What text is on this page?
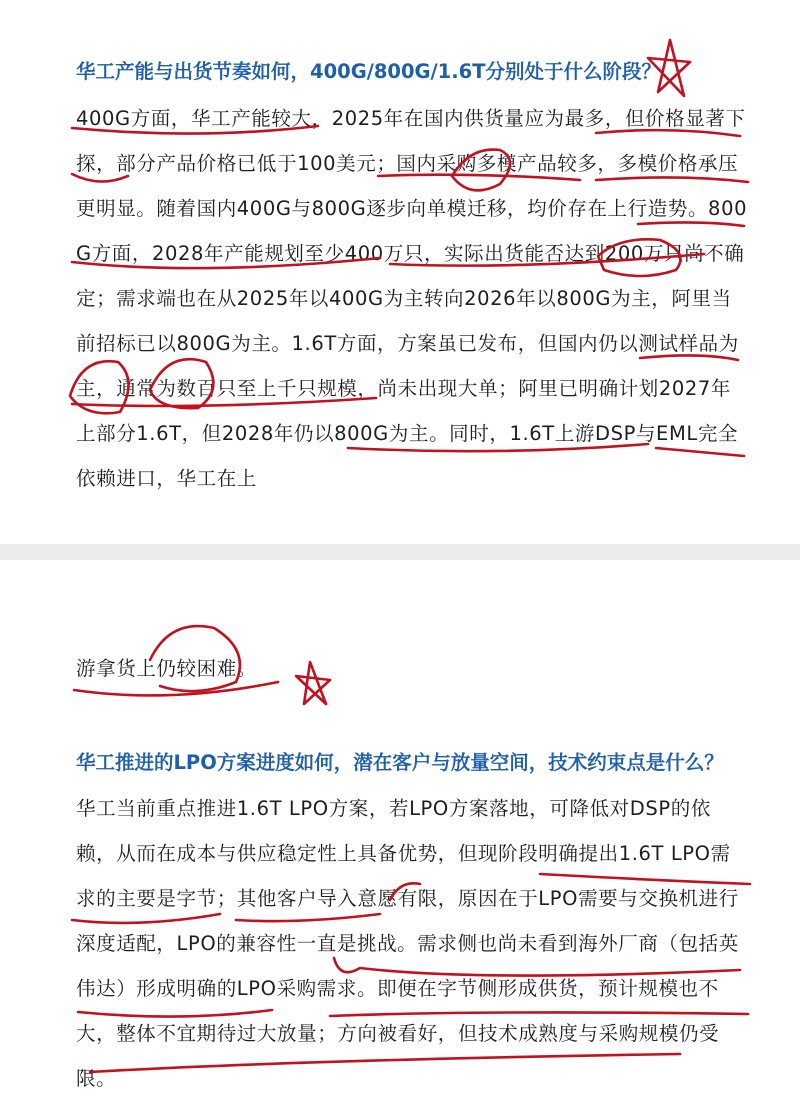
华工产能与出货节奏如何，400G/800G/1.6T分别处于什么阶段？

400G方面，华工产能较大，2025年在国内供货量应为最多，但价格显著下探，部分产品价格已低于100美元；国内采购多模产品较多，多模价格承压更明显。随着国内400G与800G逐步向单模迁移，均价存在上行造势。800G方面，2028年产能规划至少400万只，实际出货能否达到200万只尚不确定；需求端也在从2025年以400G为主转向2026年以800G为主，阿里当前招标已以800G为主。1.6T方面，方案虽已发布，但国内仍以测试样品为主，通常为数百只至上千只规模，尚未出现大单；阿里已明确计划2027年上部分1.6T，但2028年仍以800G为主。同时，1.6T上游DSP与EML完全依赖进口，华工在上

游拿货上仍较困难。

华工推进的LPO方案进度如何，潜在客户与放量空间，技术约束点是什么？

华工当前重点推进1.6T LPO方案，若LPO方案落地，可降低对DSP的依赖，从而在成本与供应稳定性上具备优势，但现阶段明确提出1.6T LPO需求的主要是字节；其他客户导入意愿有限，原因在于LPO需要与交换机进行深度适配，LPO的兼容性一直是挑战。需求侧也尚未看到海外厂商（包括英伟达）形成明确的LPO采购需求。即便在字节侧形成供货，预计规模也不大，整体不宜期待过大放量；方向被看好，但技术成熟度与采购规模仍受限。
